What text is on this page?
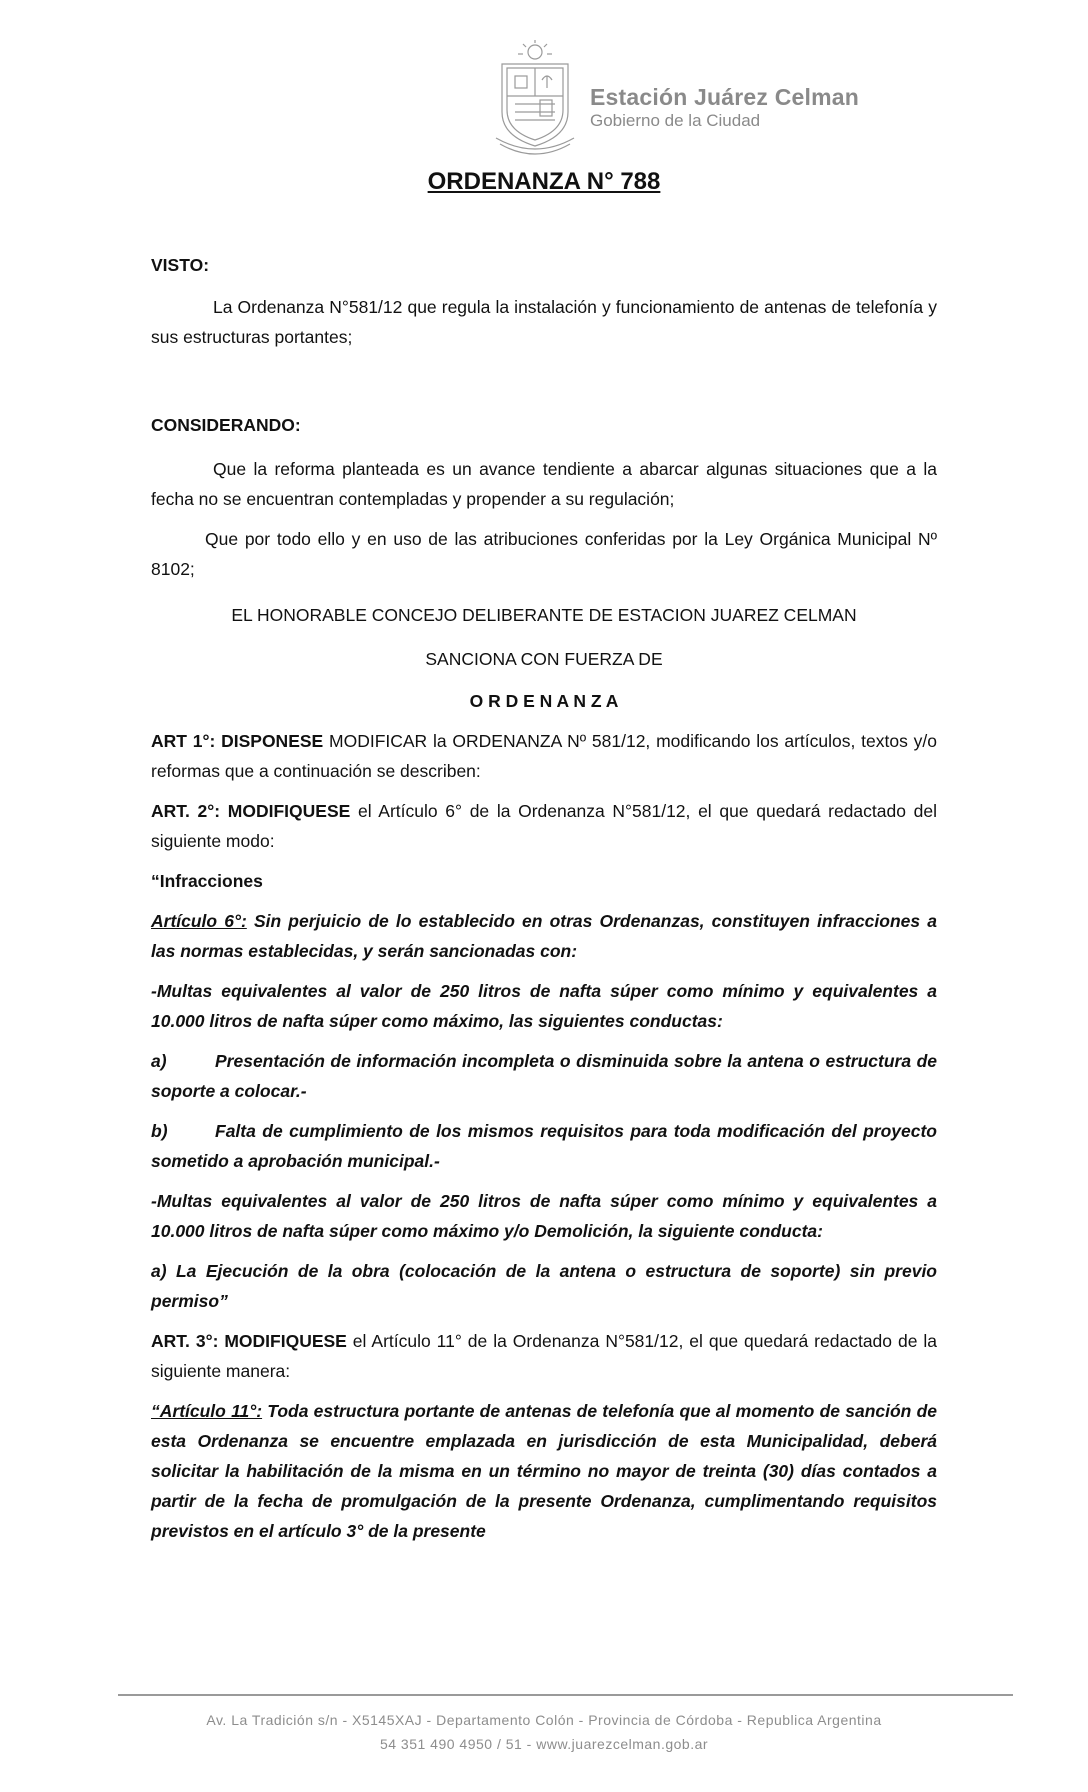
Estación Juárez Celman
Gobierno de la Ciudad
ORDENANZA N° 788

VISTO:

La Ordenanza N°581/12 que regula la instalación y funcionamiento de antenas de telefonía y sus estructuras portantes;

CONSIDERANDO:

Que la reforma planteada es un avance tendiente a abarcar algunas situaciones que a la fecha no se encuentran contempladas y propender a su regulación;

Que por todo ello y en uso de las atribuciones conferidas por la Ley Orgánica Municipal Nº 8102;

EL HONORABLE CONCEJO DELIBERANTE DE ESTACION JUAREZ CELMAN

SANCIONA CON FUERZA DE

O R D E N A N Z A

ART 1°: DISPONESE MODIFICAR la ORDENANZA Nº 581/12, modificando los artículos, textos y/o reformas que a continuación se describen:

ART. 2°: MODIFIQUESE el Artículo 6° de la Ordenanza N°581/12, el que quedará redactado del siguiente modo:

“Infracciones

Artículo 6°: Sin perjuicio de lo establecido en otras Ordenanzas, constituyen infracciones a las normas establecidas, y serán sancionadas con:

-Multas equivalentes al valor de 250 litros de nafta súper como mínimo y equivalentes a 10.000 litros de nafta súper como máximo, las siguientes conductas:

a)	Presentación de información incompleta o disminuida sobre la antena o estructura de soporte a colocar.-

b)	Falta de cumplimiento de los mismos requisitos para toda modificación del proyecto sometido a aprobación municipal.-

-Multas equivalentes al valor de 250 litros de nafta súper como mínimo y equivalentes a 10.000 litros de nafta súper como máximo y/o Demolición, la siguiente conducta:

a) La Ejecución de la obra (colocación de la antena o estructura de soporte) sin previo permiso”

ART. 3°: MODIFIQUESE el Artículo 11° de la Ordenanza N°581/12, el que quedará redactado de la siguiente manera:

“Artículo 11°: Toda estructura portante de antenas de telefonía que al momento de sanción de esta Ordenanza se encuentre emplazada en jurisdicción de esta Municipalidad, deberá solicitar la habilitación de la misma en un término no mayor de treinta (30) días contados a partir de la fecha de promulgación de la presente Ordenanza, cumplimentando requisitos previstos en el artículo 3° de la presente

Av. La Tradición s/n - X5145XAJ - Departamento Colón - Provincia de Córdoba - Republica Argentina
54 351 490 4950 / 51 - www.juarezcelman.gob.ar
